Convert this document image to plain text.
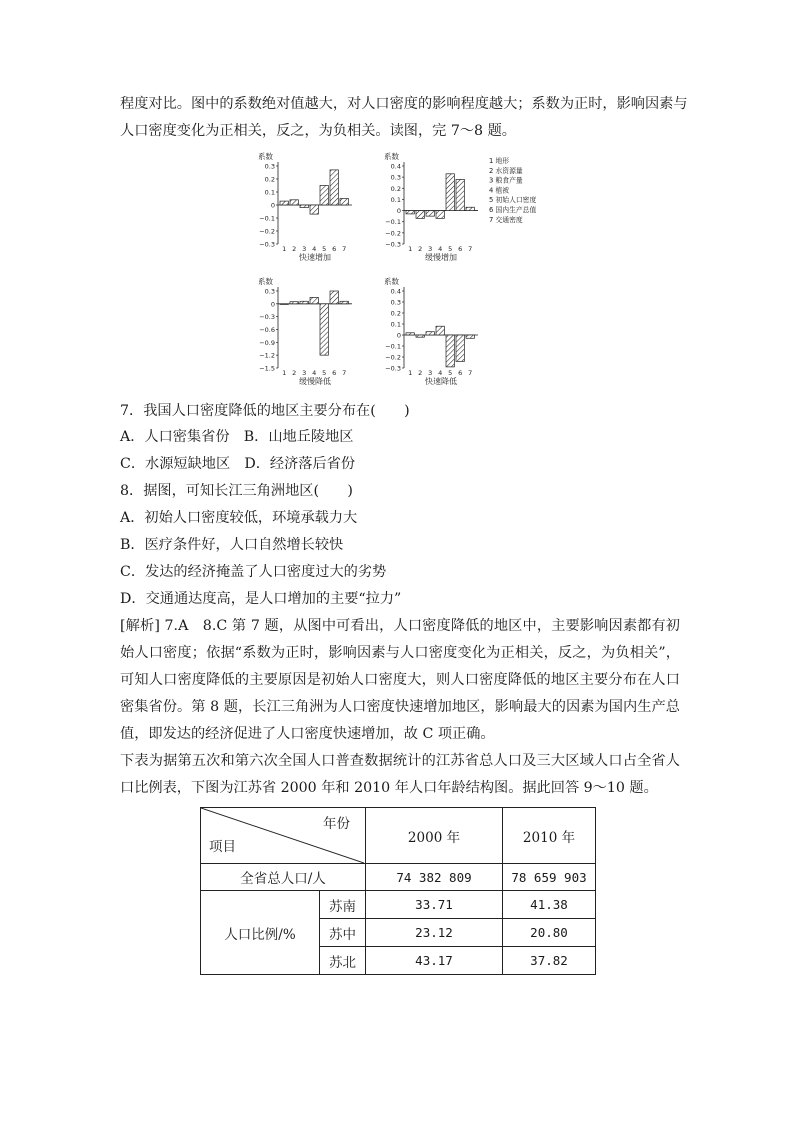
程度对比。图中的系数绝对值越大，对人口密度的影响程度越大；系数为正时，影响因素与

人口密度变化为正相关，反之，为负相关。读图，完 7～8 题。

0.3
0.2
0.1
0
−0.1
−0.2
−0.3
系数
1 2 3 4 5 6 7
快速增加
0.4
0.3
0.2
0.1
0
−0.1
−0.2
−0.3
系数
1 2 3 4 5 6 7
缓慢增加
0.3
0
−0.3
−0.6
−0.9
−1.2
−1.5
系数
1 2 3 4 5 6 7
缓慢降低
0.4
0.3
0.2
0.1
0
−0.1
−0.2
−0.3
系数
1 2 3 4 5 6 7
快速降低
1 地形
2 水资源量
3 粮食产量
4 植被
5 初始人口密度
6 国内生产总值
7 交通密度

7．我国人口密度降低的地区主要分布在(　　)

A．人口密集省份　B．山地丘陵地区

C．水源短缺地区　D．经济落后省份

8．据图，可知长江三角洲地区(　　)

A．初始人口密度较低，环境承载力大

B．医疗条件好，人口自然增长较快

C．发达的经济掩盖了人口密度过大的劣势

D．交通通达度高，是人口增加的主要“拉力”

[解析] 7.A　8.C 第 7 题，从图中可看出，人口密度降低的地区中，主要影响因素都有初始人口密度；依据“系数为正时，影响因素与人口密度变化为正相关，反之，为负相关”，可知人口密度降低的主要原因是初始人口密度大，则人口密度降低的地区主要分布在人口密集省份。第 8 题，长江三角洲为人口密度快速增加地区，影响最大的因素为国内生产总值，即发达的经济促进了人口密度快速增加，故 C 项正确。

下表为据第五次和第六次全国人口普查数据统计的江苏省总人口及三大区域人口占全省人口比例表，下图为江苏省 2000 年和 2010 年人口年龄结构图。据此回答 9～10 题。

年份
项目		2000 年	2010 年
全省总人口/人		74 382 809	78 659 903
人口比例/%	苏南	33.71	41.38
	苏中	23.12	20.80
	苏北	43.17	37.82
